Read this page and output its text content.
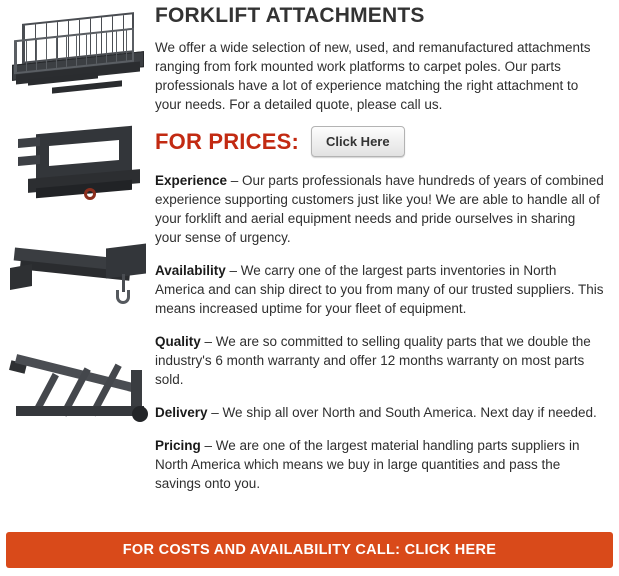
FORKLIFT ATTACHMENTS

We offer a wide selection of new, used, and remanufactured attachments ranging from fork mounted work platforms to carpet poles. Our parts professionals have a lot of experience matching the right attachment to your needs. For a detailed quote, please call us.

FOR PRICES:	Click Here

Experience – Our parts professionals have hundreds of years of combined experience supporting customers just like you! We are able to handle all of your forklift and aerial equipment needs and pride ourselves in sharing your sense of urgency.

Availability – We carry one of the largest parts inventories in North America and can ship direct to you from many of our trusted suppliers. This means increased uptime for your fleet of equipment.

Quality – We are so committed to selling quality parts that we double the industry's 6 month warranty and offer 12 months warranty on most parts sold.

Delivery – We ship all over North and South America. Next day if needed.

Pricing – We are one of the largest material handling parts suppliers in North America which means we buy in large quantities and pass the savings onto you.

FOR COSTS AND AVAILABILITY CALL: CLICK HERE
